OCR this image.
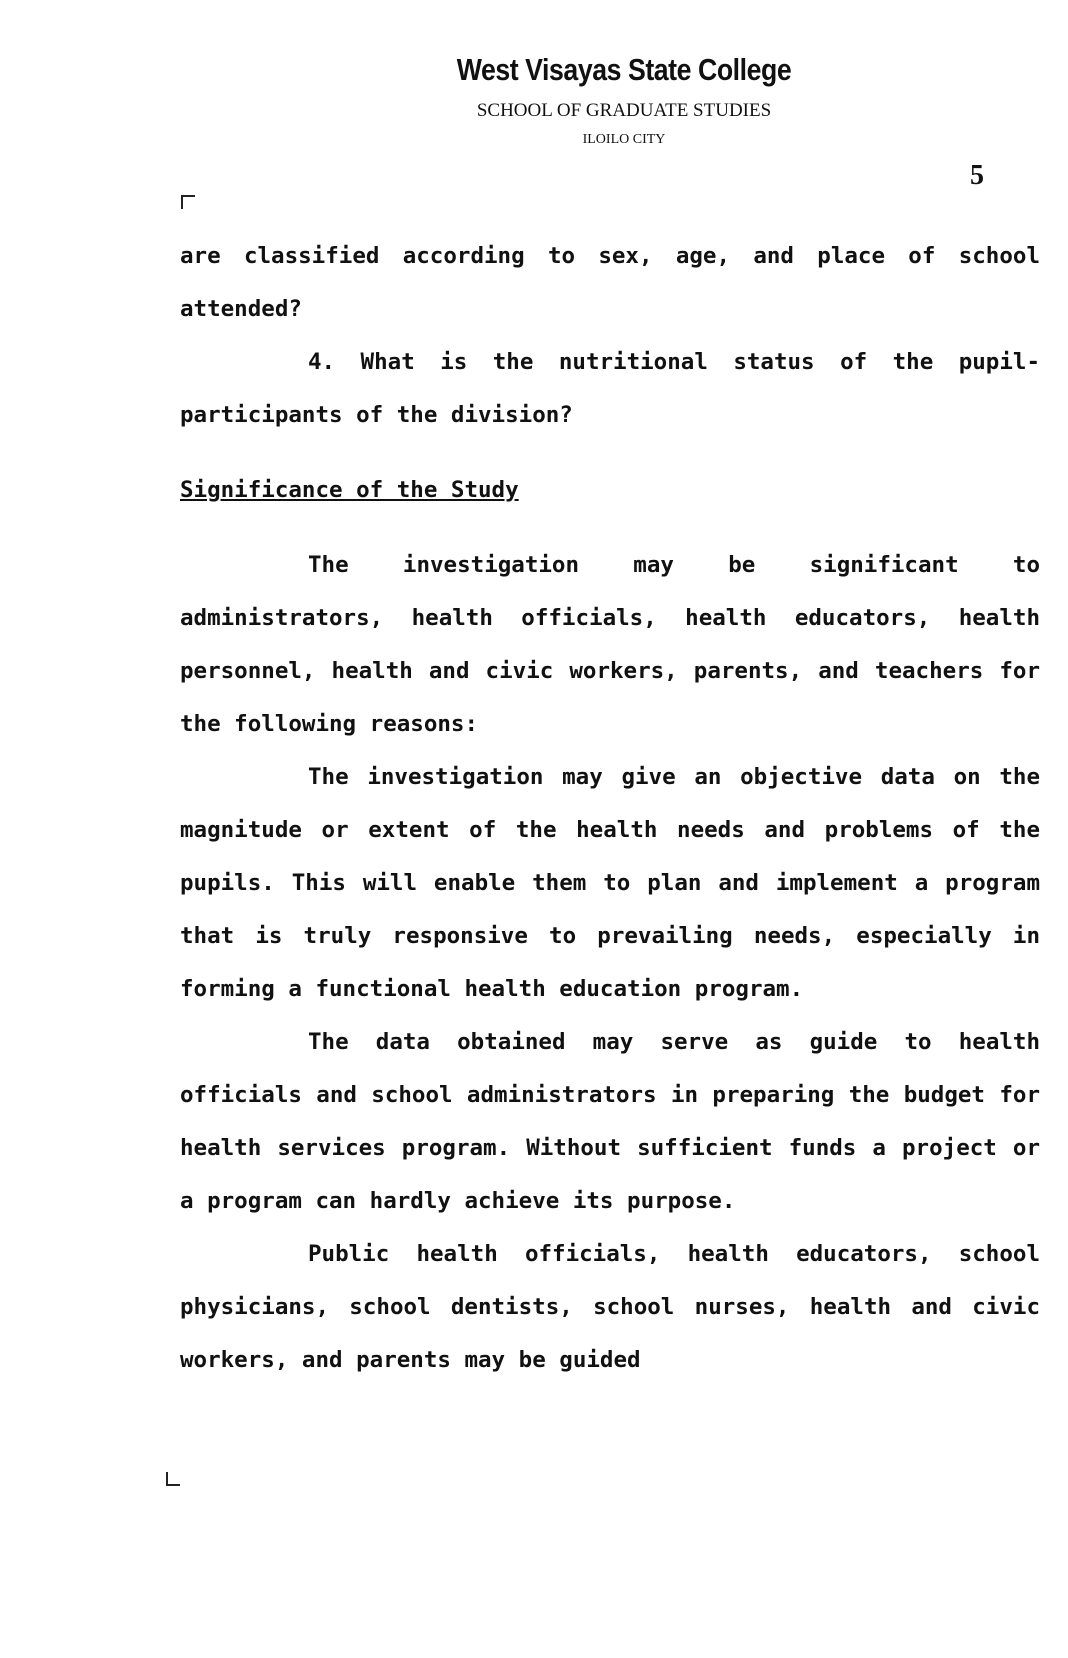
West Visayas State College
SCHOOL OF GRADUATE STUDIES
ILOILO CITY
5

are classified according to sex, age, and place of school attended?

4. What is the nutritional status of the pupil-participants of the division?

Significance of the Study

The investigation may be significant to administrators, health officials, health educators, health personnel, health and civic workers, parents, and teachers for the following reasons:

The investigation may give an objective data on the magnitude or extent of the health needs and problems of the pupils. This will enable them to plan and implement a program that is truly responsive to prevailing needs, especially in forming a functional health education program.

The data obtained may serve as guide to health officials and school administrators in preparing the budget for health services program. Without sufficient funds a project or a program can hardly achieve its purpose.

Public health officials, health educators, school physicians, school dentists, school nurses, health and civic workers, and parents may be guided
